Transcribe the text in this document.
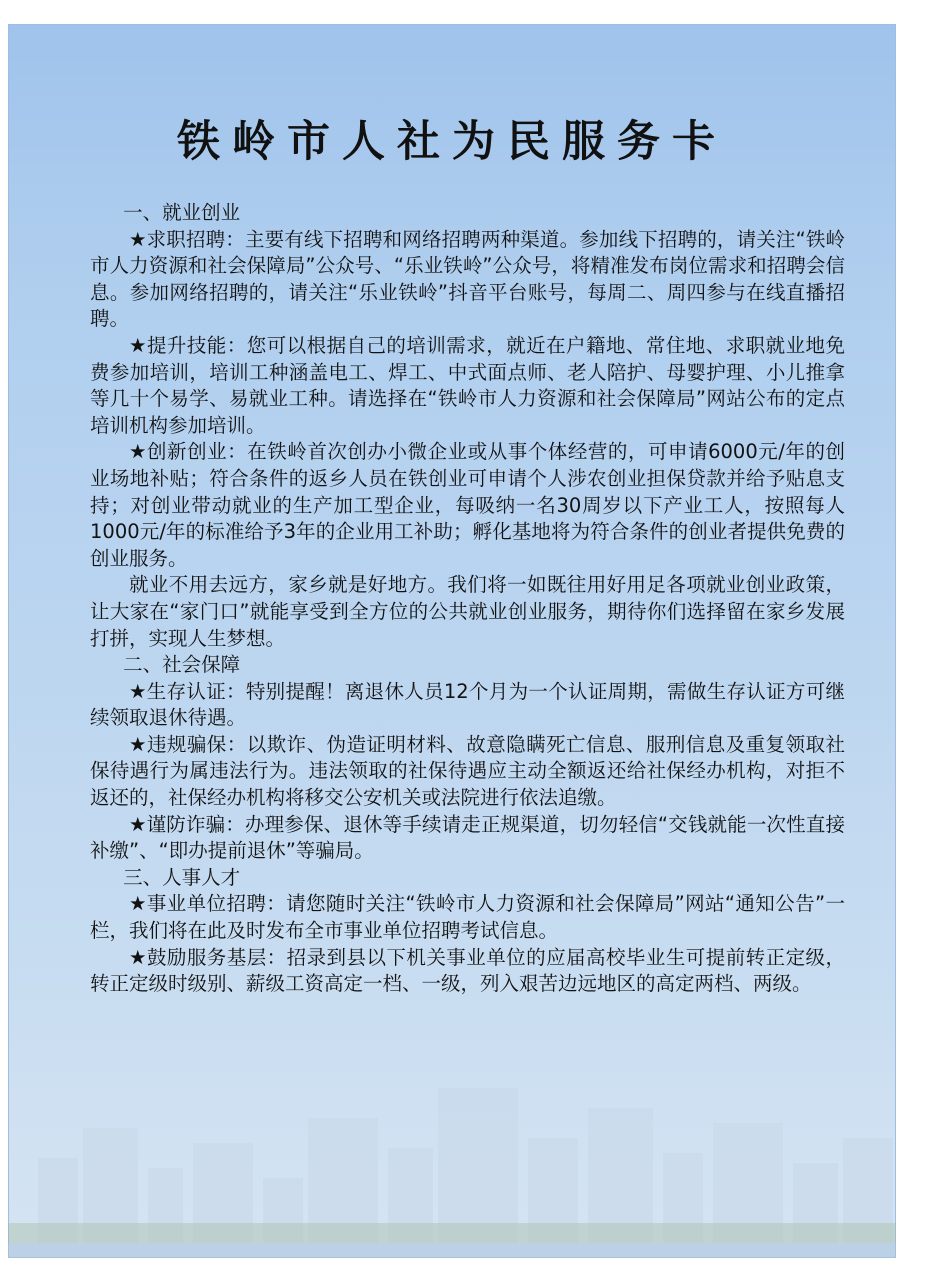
铁岭市人社为民服务卡

一、就业创业

★求职招聘：主要有线下招聘和网络招聘两种渠道。参加线下招聘的，请关注“铁岭市人力资源和社会保障局”公众号、“乐业铁岭”公众号，将精准发布岗位需求和招聘会信息。参加网络招聘的，请关注“乐业铁岭”抖音平台账号，每周二、周四参与在线直播招聘。

★提升技能：您可以根据自己的培训需求，就近在户籍地、常住地、求职就业地免费参加培训，培训工种涵盖电工、焊工、中式面点师、老人陪护、母婴护理、小儿推拿等几十个易学、易就业工种。请选择在“铁岭市人力资源和社会保障局”网站公布的定点培训机构参加培训。

★创新创业：在铁岭首次创办小微企业或从事个体经营的，可申请6000元/年的创业场地补贴；符合条件的返乡人员在铁创业可申请个人涉农创业担保贷款并给予贴息支持；对创业带动就业的生产加工型企业，每吸纳一名30周岁以下产业工人，按照每人1000元/年的标准给予3年的企业用工补助；孵化基地将为符合条件的创业者提供免费的创业服务。

就业不用去远方，家乡就是好地方。我们将一如既往用好用足各项就业创业政策，让大家在“家门口”就能享受到全方位的公共就业创业服务，期待你们选择留在家乡发展打拼，实现人生梦想。

二、社会保障

★生存认证：特别提醒！离退休人员12个月为一个认证周期，需做生存认证方可继续领取退休待遇。

★违规骗保：以欺诈、伪造证明材料、故意隐瞒死亡信息、服刑信息及重复领取社保待遇行为属违法行为。违法领取的社保待遇应主动全额返还给社保经办机构，对拒不返还的，社保经办机构将移交公安机关或法院进行依法追缴。

★谨防诈骗：办理参保、退休等手续请走正规渠道，切勿轻信“交钱就能一次性直接补缴”、“即办提前退休”等骗局。

三、人事人才

★事业单位招聘：请您随时关注“铁岭市人力资源和社会保障局”网站“通知公告”一栏，我们将在此及时发布全市事业单位招聘考试信息。

★鼓励服务基层：招录到县以下机关事业单位的应届高校毕业生可提前转正定级，转正定级时级别、薪级工资高定一档、一级，列入艰苦边远地区的高定两档、两级。
